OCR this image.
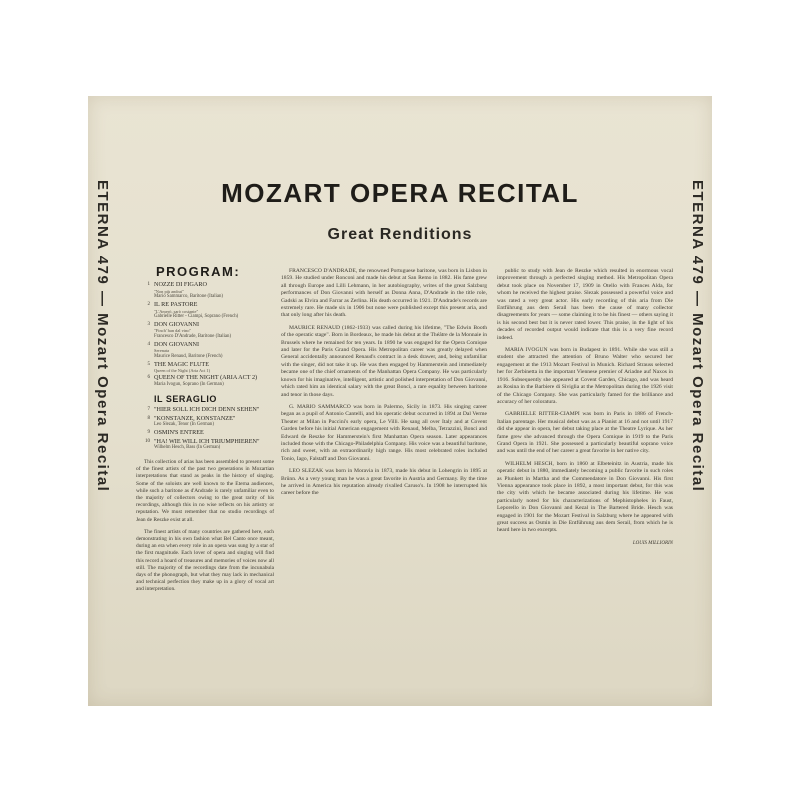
ETERNA 479 — Mozart Opera Recital	ETERNA 479 — Mozart Opera Recital
MOZART OPERA RECITAL
Great Renditions
PROGRAM:
1 NOZZE DI FIGARO
"Non più andrai"
Mario Sammarco, Baritone (Italian)
2 IL RE PASTORE
"L'Amerò, sarò costante"
Gabrielle Ritter - Ciampi, Soprano (French)
3 DON GIOVANNI
"Finch' han dal vino"
Francesco D'Andrade, Baritone (Italian)
4 DON GIOVANNI
Serenata
Maurice Renaud, Baritone (French)
5 THE MAGIC FLUTE
Queen of the Night (Aria Act 1)
6 QUEEN OF THE NIGHT (ARIA ACT 2)
Maria Ivogun, Soprano (In German)
IL SERAGLIO
7 "HIER SOLL ICH DICH DENN SEHEN"
8 "KONSTANZE, KONSTANZE"
Leo Slezak, Tenor (In German)
9 OSMIN'S ENTREE
10 "HA! WIE WILL ICH TRIUMPHIEREN"
Wilhelm Hesch, Bass (In German)

This collection of arias has been assembled to present some of the finest artists of the past two generations in Mozartian interpretations that stand as peaks in the history of singing. Some of the soloists are well known to the Eterna audiences, while such a baritone as d'Andrade is rarely unfamiliar even to the majority of collectors owing to the great rarity of his recordings, although this in no wise reflects on his artistry or reputation. We must remember that no studio recordings of Jean de Reszke exist at all.

The finest artists of many countries are gathered here, each demonstrating in his own fashion what Bel Canto once meant, during an era when every role in an opera was sung by a star of the first magnitude. Each lover of opera and singing will find this record a hoard of treasures and memories of voices now all still. The majority of the recordings date from the incunabula days of the phonograph, but what they may lack in mechanical and technical perfection they make up in a glory of vocal art and interpretation.

FRANCESCO D'ANDRADE, the renowned Portuguese baritone, was born in Lisbon in 1859. He studied under Ronconi and made his debut at San Remo in 1882. His fame grew all through Europe and Lilli Lehmann, in her autobiography, writes of the great Salzburg performances of Don Giovanni with herself as Donna Anna, D'Andrade in the title role, Gadski as Elvira and Farrar as Zerlina. His death occurred in 1921. D'Andrade's records are extremely rare. He made six in 1906 but none were published except this present aria, and that only long after his death.

MAURICE RENAUD (1862-1933) was called during his lifetime, "The Edwin Booth of the operatic stage". Born in Bordeaux, he made his debut at the Théâtre de la Monnaie in Brussels where he remained for ten years. In 1890 he was engaged for the Opera Comique and later for the Paris Grand Opera. His Metropolitan career was greatly delayed when General accidentally announced Renaud's contract in a desk drawer, and, being unfamiliar with the singer, did not take it up. He was then engaged by Hammerstein and immediately became one of the chief ornaments of the Manhattan Opera Company. He was particularly known for his imaginative, intelligent, artistic and polished interpretation of Don Giovanni, which rated him an identical salary with the great Bonci, a rare equality between baritone and tenor in those days.

G. MARIO SAMMARCO was born in Palermo, Sicily in 1873. His singing career began as a pupil of Antonio Cantelli, and his operatic debut occurred in 1894 at Dal Verme Theater at Milan in Puccini's early opera, Le Villi. He sang all over Italy and at Covent Garden before his initial American engagement with Renaud, Melba, Tetrazzini, Bonci and Edward de Reszke for Hammerstein's first Manhattan Opera season. Later appearances included those with the Chicago-Philadelphia Company. His voice was a beautiful baritone, rich and sweet, with an extraordinarily high range. His most celebrated roles included Tonio, Iago, Falstaff and Don Giovanni.

LEO SLEZAK was born in Moravia in 1873, made his debut in Lohengrin in 1895 at Brünn. As a very young man he was a great favorite in Austria and Germany. By the time he arrived in America his reputation already rivalled Caruso's. In 1908 he interrupted his career before the

public to study with Jean de Reszke which resulted in enormous vocal improvement through a perfected singing method. His Metropolitan Opera debut took place on November 17, 1909 in Otello with Frances Alda, for whom he received the highest praise. Slezak possessed a powerful voice and was rated a very great actor. His early recording of this aria from Die Entführung aus dem Serail has been the cause of many collector disagreements for years — some claiming it to be his finest — others saying it is his second best but it is never rated lower. This praise, in the light of his decades of recorded output would indicate that this is a very fine record indeed.

MARIA IVOGUN was born in Budapest in 1891. While she was still a student she attracted the attention of Bruno Walter who secured her engagement at the 1913 Mozart Festival in Munich. Richard Strauss selected her for Zerbinetta in the important Viennese premier of Ariadne auf Naxos in 1916. Subsequently she appeared at Covent Garden, Chicago, and was heard as Rosina in the Barbiere di Siviglia at the Metropolitan during the 1926 visit of the Chicago Company. She was particularly famed for the brilliance and accuracy of her coloratura.

GABRIELLE RITTER-CIAMPI was born in Paris in 1886 of French-Italian parentage. Her musical debut was as a Pianist at 16 and not until 1917 did she appear in opera, her debut taking place at the Theatre Lyrique. As her fame grew she advanced through the Opera Comique in 1919 to the Paris Grand Opera in 1921. She possessed a particularly beautiful soprano voice and was until the end of her career a great favorite in her native city.

WILHELM HESCH, born in 1860 at Elbeteinitz in Austria, made his operatic debut in 1880, immediately becoming a public favorite in such roles as Plunkett in Martha and the Commendatore in Don Giovanni. His first Vienna appearance took place in 1892, a most important debut, for this was the city with which he became associated during his lifetime. He was particularly noted for his characterizations of Mephistopheles in Faust, Leporello in Don Giovanni and Kezal in The Bartered Bride. Hesch was engaged in 1901 for the Mozart Festival in Salzburg where he appeared with great success as Osmin in Die Entführung aus dem Serail, from which he is heard here in two excerpts.

LOUIS MILLIORIN
